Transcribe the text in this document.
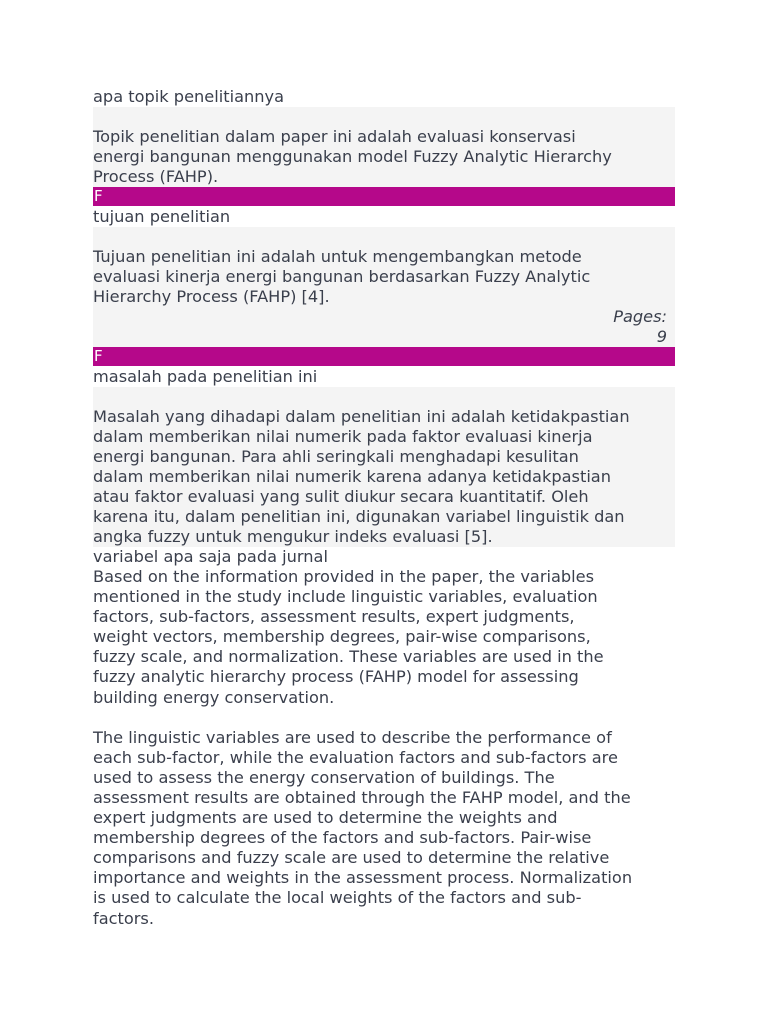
apa topik penelitiannya

Topik penelitian dalam paper ini adalah evaluasi konservasi
energi bangunan menggunakan model Fuzzy Analytic Hierarchy
Process (FAHP).

F
tujuan penelitian

Tujuan penelitian ini adalah untuk mengembangkan metode
evaluasi kinerja energi bangunan berdasarkan Fuzzy Analytic
Hierarchy Process (FAHP) [4].

Pages:
9
F
masalah pada penelitian ini

Masalah yang dihadapi dalam penelitian ini adalah ketidakpastian
dalam memberikan nilai numerik pada faktor evaluasi kinerja
energi bangunan. Para ahli seringkali menghadapi kesulitan
dalam memberikan nilai numerik karena adanya ketidakpastian
atau faktor evaluasi yang sulit diukur secara kuantitatif. Oleh
karena itu, dalam penelitian ini, digunakan variabel linguistik dan
angka fuzzy untuk mengukur indeks evaluasi [5].

variabel apa saja pada jurnal

Based on the information provided in the paper, the variables
mentioned in the study include linguistic variables, evaluation
factors, sub-factors, assessment results, expert judgments,
weight vectors, membership degrees, pair-wise comparisons,
fuzzy scale, and normalization. These variables are used in the
fuzzy analytic hierarchy process (FAHP) model for assessing
building energy conservation.

The linguistic variables are used to describe the performance of
each sub-factor, while the evaluation factors and sub-factors are
used to assess the energy conservation of buildings. The
assessment results are obtained through the FAHP model, and the
expert judgments are used to determine the weights and
membership degrees of the factors and sub-factors. Pair-wise
comparisons and fuzzy scale are used to determine the relative
importance and weights in the assessment process. Normalization
is used to calculate the local weights of the factors and sub-
factors.
